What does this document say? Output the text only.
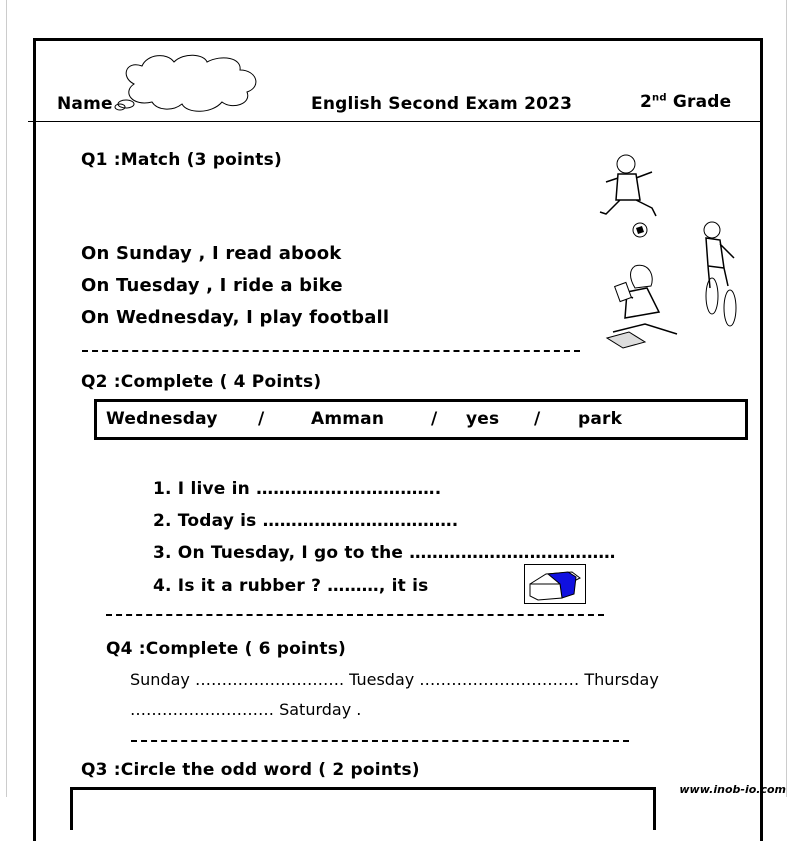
Name	English Second Exam 2023	2nd Grade
Q1 :Match (3 points)
On Sunday , I read abook
On Tuesday , I ride a bike
On Wednesday, I play football
Q2 :Complete ( 4 Points)
Wednesday /	Amman	/ yes / park
1. I live in …………….…………….
2. Today is …………………………….
3. On Tuesday, I go to the ………………………………
4. Is it a rubber ? ………, it is
Q4 :Complete ( 6 points)
Sunday ………………………. Tuesday ………………………… Thursday
……………………… Saturday .
Q3 :Circle the odd word ( 2 points)
www.inob-io.com
